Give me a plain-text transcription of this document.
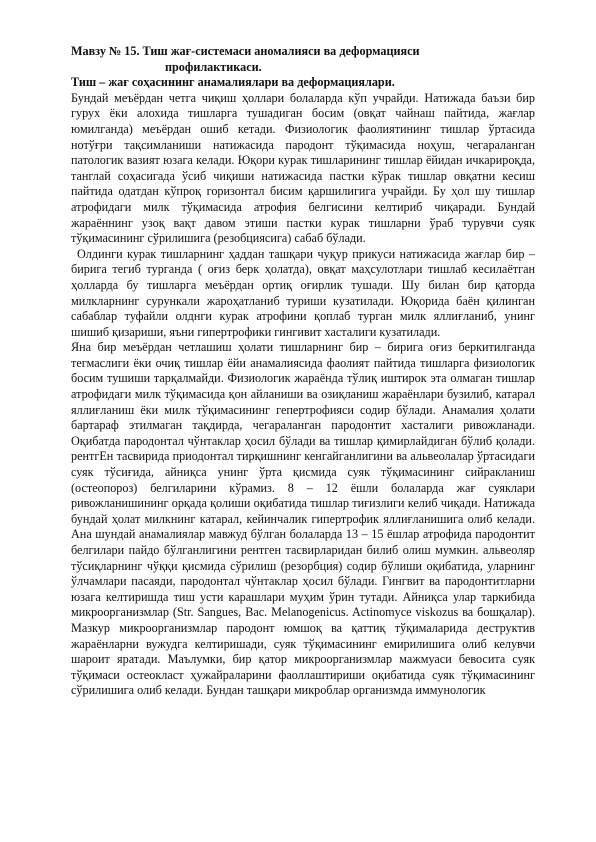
Мавзу № 15. Тиш жағ-системаси аномалияси ва деформацияси

профилактикаси.

Тиш – жағ соҳасининг анамалиялари ва деформациялари.

Бундай меъёрдан четга чиқиш ҳоллари болаларда кўп учрайди. Натижада баъзи бир гурух ёки алохида тишларга тушадиган босим (овқат чайнаш пайтида, жағлар юмилганда) меъёрдан ошиб кетади. Физиологик фаолиятининг тишлар ўртасида нотўғри тақсимланиши натижасида пародонт тўқимасида ноҳуш, чегараланган патологик вазият юзага келади. Юқори курак тишларининг тишлар ёйидан ичкарироқда, танглай соҳасигада ўсиб чиқиши натижасида пастки кўрак тишлар овқатни кесиш пайтида одатдан кўпроқ горизонтал бисим қаршилигига учрайди. Бу ҳол шу тишлар атрофидаги милк тўқимасида атрофия белгисини келтириб чиқаради. Бундай жараённинг узоқ вақт давом этиши пастки курак тишларни ўраб турувчи суяк тўқимасининг сўрилишига (резобциясига) сабаб бўлади.

Олдинги курак тишларнинг ҳаддан ташқари чуқур прикуси натижасида жағлар бир – бирига тегиб турганда ( оғиз берк ҳолатда), овқат маҳсулотлари тишлаб кесилаётган ҳолларда бу тишларга меъёрдан ортиқ оғирлик тушади. Шу билан бир қаторда милкларнинг сурункали жароҳатланиб туриши кузатилади. Юқорида баён қилинган сабаблар туфайли олднги курак атрофини қоплаб турган милк яллиғланиб, унинг шишиб қизариши, яъни гипертрофики гингивит хасталиги кузатилади.

Яна бир меъёрдан четлашиш ҳолати тишларнинг бир – бирига оғиз беркитилганда тегмаслиги ёки очиқ тишлар ёйи анамалиясида фаолият пайтида тишларга физиологик босим тушиши тарқалмайди. Физиологик жараёнда тўлиқ иштирок эта олмаган тишлар атрофидаги милк тўқимасида қон айланиши ва озиқланиш жараёнлари бузилиб, катарал яллиғланиш ёки милк тўқимасининг гепертрофияси содир бўлади. Анамалия ҳолати бартараф этилмаган тақдирда, чегараланган пародонтит хасталиги ривожланади. Оқибатда пародонтал чўнтаклар ҳосил бўлади ва тишлар қимирлайдиган бўлиб қолади. рентгЕн тасвирида приодонтал тирқишнинг кенгайганлигини ва альвеолалар ўртасидаги суяк тўсиғида, айниқса унинг ўрта қисмида суяк тўқимасининг сийракланиш (остеопороз) белгиларини кўрамиз. 8 – 12 ёшли болаларда жағ суяклари ривожланишининг орқада қолиши оқибатида тишлар тиғизлиги келиб чиқади. Натижада бундай ҳолат милкнинг катарал, кейинчалик гипертрофик яллиғланишига олиб келади. Ана шундай анамалиялар мавжуд бўлган болаларда 13 – 15 ёшлар атрофида пародонтит белгилари пайдо бўлганлигини рентген тасвирларидан билиб олиш мумкин. альвеоляр тўсиқларнинг чўққи қисмида сўрилиш (резорбция) содир бўлиши оқибатида, уларнинг ўлчамлари пасаяди, пародонтал чўнтаклар ҳосил бўлади. Гингвит ва пародонтитларни юзага келтиришда тиш усти карашлари муҳим ўрин тутади. Айниқса улар таркибида микроорганизмлар (Str. Sangues, Bac. Melanogenicus. Actinomyce viskozus ва бошқалар). Мазкур микроорганизмлар пародонт юмшоқ ва қаттиқ тўқималарида деструктив жараёнларни вужудга келтиришади, суяк тўқимасининг емирилишига олиб келувчи шароит яратади. Маълумки, бир қатор микроорганизмлар мажмуаси бевосита суяк тўқимаси остеокласт ҳужайраларини фаоллаштириши оқибатида суяк тўқимасининг сўрилишига олиб келади. Бундан ташқари микроблар организмда иммунологик
